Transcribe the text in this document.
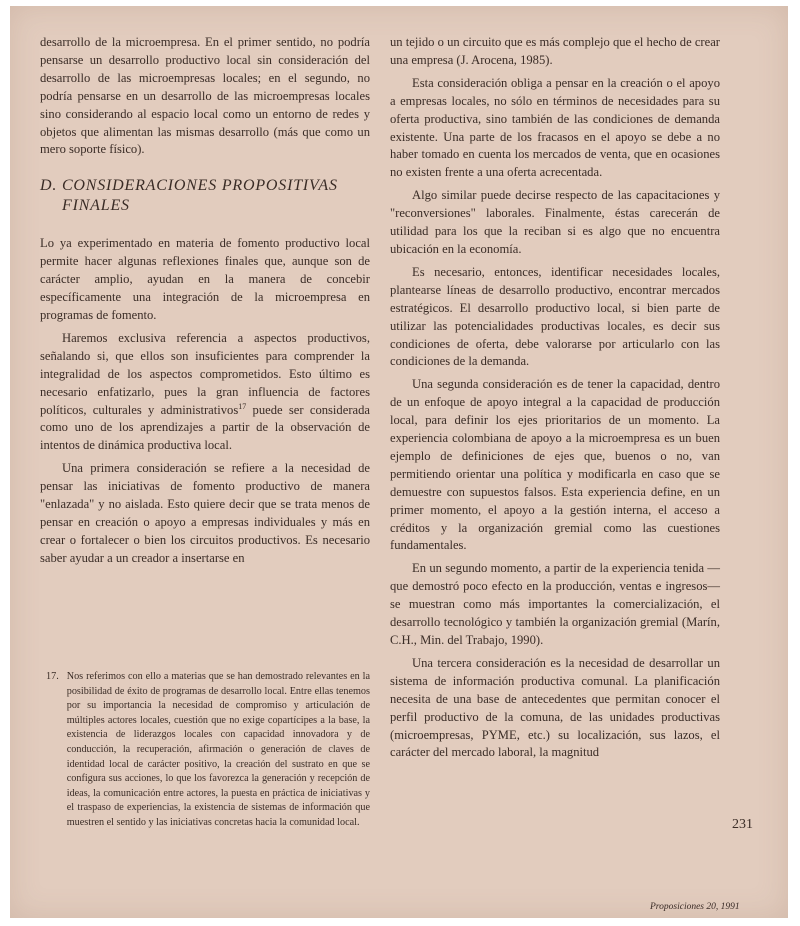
desarrollo de la microempresa. En el primer sentido, no podría pensarse un desarrollo productivo local sin consideración del desarrollo de las microempresas locales; en el segundo, no podría pensarse en un desarrollo de las microempresas locales sino considerando al espacio local como un entorno de redes y objetos que alimentan las mismas desarrollo (más que como un mero soporte físico).

D. CONSIDERACIONES PROPOSITIVAS
FINALES

Lo ya experimentado en materia de fomento productivo local permite hacer algunas reflexiones finales que, aunque son de carácter amplio, ayudan en la manera de concebir específicamente una integración de la microempresa en programas de fomento.

Haremos exclusiva referencia a aspectos productivos, señalando si, que ellos son insuficientes para comprender la integralidad de los aspectos comprometidos. Esto último es necesario enfatizarlo, pues la gran influencia de factores políticos, culturales y administrativos$^{17}$ puede ser considerada como uno de los aprendizajes a partir de la observación de intentos de dinámica productiva local.

Una primera consideración se refiere a la necesidad de pensar las iniciativas de fomento productivo de manera "enlazada" y no aislada. Esto quiere decir que se trata menos de pensar en creación o apoyo a empresas individuales y más en crear o fortalecer o bien los circuitos productivos. Es necesario saber ayudar a un creador a insertarse en

17. Nos referimos con ello a materias que se han demostrado relevantes en la posibilidad de éxito de programas de desarrollo local. Entre ellas tenemos por su importancia la necesidad de compromiso y articulación de múltiples actores locales, cuestión que no exige copartícipes a la base, la existencia de liderazgos locales con capacidad innovadora y de conducción, la recuperación, afirmación o generación de claves de identidad local de carácter positivo, la creación del sustrato en que se configura sus acciones, lo que los favorezca la generación y recepción de ideas, la comunicación entre actores, la puesta en práctica de iniciativas y el traspaso de experiencias, la existencia de sistemas de información que muestren el sentido y las iniciativas concretas hacia la comunidad local.

un tejido o un circuito que es más complejo que el hecho de crear una empresa (J. Arocena, 1985).

Esta consideración obliga a pensar en la creación o el apoyo a empresas locales, no sólo en términos de necesidades para su oferta productiva, sino también de las condiciones de demanda existente. Una parte de los fracasos en el apoyo se debe a no haber tomado en cuenta los mercados de venta, que en ocasiones no existen frente a una oferta acrecentada.

Algo similar puede decirse respecto de las capacitaciones y "reconversiones" laborales. Finalmente, éstas carecerán de utilidad para los que la reciban si es algo que no encuentra ubicación en la economía.

Es necesario, entonces, identificar necesidades locales, plantearse líneas de desarrollo productivo, encontrar mercados estratégicos. El desarrollo productivo local, si bien parte de utilizar las potencialidades productivas locales, es decir sus condiciones de oferta, debe valorarse por articularlo con las condiciones de la demanda.

Una segunda consideración es de tener la capacidad, dentro de un enfoque de apoyo integral a la capacidad de producción local, para definir los ejes prioritarios de un momento. La experiencia colombiana de apoyo a la microempresa es un buen ejemplo de definiciones de ejes que, buenos o no, van permitiendo orientar una política y modificarla en caso que se demuestre con supuestos falsos. Esta experiencia define, en un primer momento, el apoyo a la gestión interna, el acceso a créditos y la organización gremial como las cuestiones fundamentales.

En un segundo momento, a partir de la experiencia tenida —que demostró poco efecto en la producción, ventas e ingresos— se muestran como más importantes la comercialización, el desarrollo tecnológico y también la organización gremial (Marín, C.H., Min. del Trabajo, 1990).

Una tercera consideración es la necesidad de desarrollar un sistema de información productiva comunal. La planificación necesita de una base de antecedentes que permitan conocer el perfil productivo de la comuna, de las unidades productivas (microempresas, PYME, etc.) su localización, sus lazos, el carácter del mercado laboral, la magnitud

231
Proposiciones 20, 1991
